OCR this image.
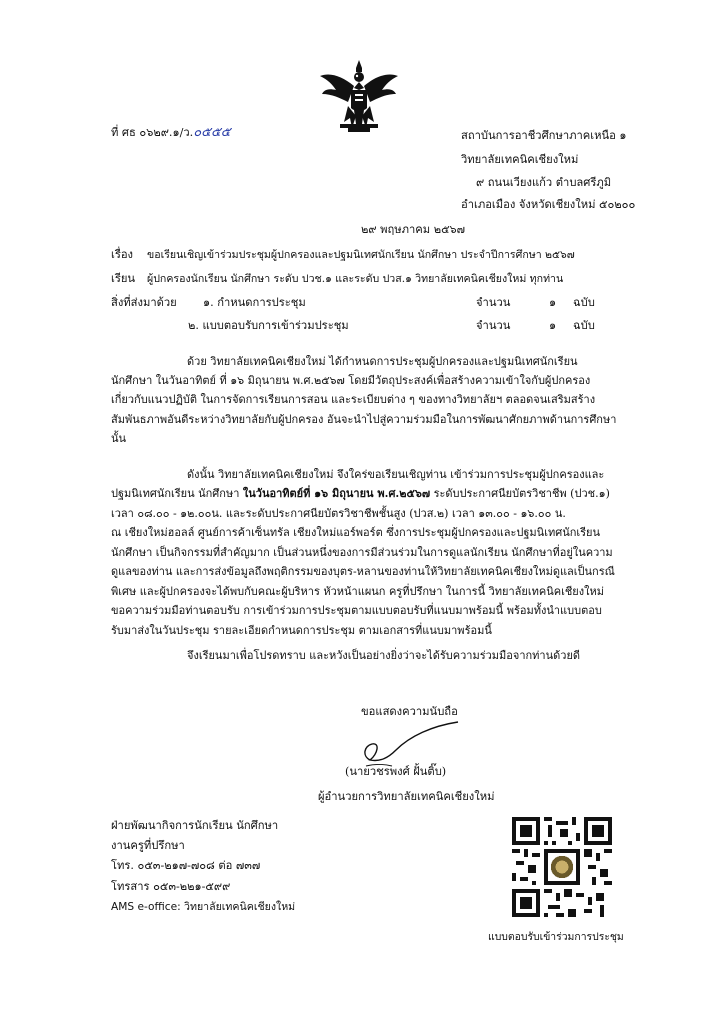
ที่ ศธ ๐๖๒๙.๑/ว.๐๕๕๕	สถาบันการอาชีวศึกษาภาคเหนือ ๑
วิทยาลัยเทคนิคเชียงใหม่
๙ ถนนเวียงแก้ว ตำบลศรีภูมิ
อำเภอเมือง จังหวัดเชียงใหม่ ๕๐๒๐๐
๒๙ พฤษภาคม ๒๕๖๗
เรื่อง ขอเรียนเชิญเข้าร่วมประชุมผู้ปกครองและปฐมนิเทศนักเรียน นักศึกษา ประจำปีการศึกษา ๒๕๖๗
เรียน ผู้ปกครองนักเรียน นักศึกษา ระดับ ปวช.๑ และระดับ ปวส.๑ วิทยาลัยเทคนิคเชียงใหม่ ทุกท่าน
สิ่งที่ส่งมาด้วย ๑. กำหนดการประชุม	จำนวน	๑ ฉบับ
๒. แบบตอบรับการเข้าร่วมประชุม	จำนวน	๑ ฉบับ
ด้วย วิทยาลัยเทคนิคเชียงใหม่ ได้กำหนดการประชุมผู้ปกครองและปฐมนิเทศนักเรียน
นักศึกษา ในวันอาทิตย์ ที่ ๑๖ มิถุนายน พ.ศ.๒๕๖๗ โดยมีวัตถุประสงค์เพื่อสร้างความเข้าใจกับผู้ปกครอง
เกี่ยวกับแนวปฏิบัติ ในการจัดการเรียนการสอน และระเบียบต่าง ๆ ของทางวิทยาลัยฯ ตลอดจนเสริมสร้าง
สัมพันธภาพอันดีระหว่างวิทยาลัยกับผู้ปกครอง อันจะนำไปสู่ความร่วมมือในการพัฒนาศักยภาพด้านการศึกษา
นั้น
ดังนั้น วิทยาลัยเทคนิคเชียงใหม่ จึงใคร่ขอเรียนเชิญท่าน เข้าร่วมการประชุมผู้ปกครองและ
ปฐมนิเทศนักเรียน นักศึกษา ในวันอาทิตย์ที่ ๑๖ มิถุนายน พ.ศ.๒๕๖๗ ระดับประกาศนียบัตรวิชาชีพ (ปวช.๑)
เวลา ๐๘.๐๐ - ๑๒.๐๐น. และระดับประกาศนียบัตรวิชาชีพชั้นสูง (ปวส.๒) เวลา ๑๓.๐๐ - ๑๖.๐๐ น.
ณ เชียงใหม่ฮอลล์ ศูนย์การค้าเซ็นทรัล เชียงใหม่แอร์พอร์ต ซึ่งการประชุมผู้ปกครองและปฐมนิเทศนักเรียน
นักศึกษา เป็นกิจกรรมที่สำคัญมาก เป็นส่วนหนึ่งของการมีส่วนร่วมในการดูแลนักเรียน นักศึกษาที่อยู่ในความ
ดูแลของท่าน และการส่งข้อมูลถึงพฤติกรรมของบุตร-หลานของท่านให้วิทยาลัยเทคนิคเชียงใหม่ดูแลเป็นกรณี
พิเศษ และผู้ปกครองจะได้พบกับคณะผู้บริหาร หัวหน้าแผนก ครูที่ปรึกษา ในการนี้ วิทยาลัยเทคนิคเชียงใหม่
ขอความร่วมมือท่านตอบรับ การเข้าร่วมการประชุมตามแบบตอบรับที่แนบมาพร้อมนี้ พร้อมทั้งนำแบบตอบ
รับมาส่งในวันประชุม รายละเอียดกำหนดการประชุม ตามเอกสารที่แนบมาพร้อมนี้
จึงเรียนมาเพื่อโปรดทราบ และหวังเป็นอย่างยิ่งว่าจะได้รับความร่วมมือจากท่านด้วยดี
ขอแสดงความนับถือ
(นายวชรพงศ์ ฝั้นติ๊บ)
ผู้อำนวยการวิทยาลัยเทคนิคเชียงใหม่
ฝ่ายพัฒนากิจการนักเรียน นักศึกษา
งานครูที่ปรึกษา
โทร. ๐๕๓-๒๑๗-๗๐๘ ต่อ ๗๓๗
โทรสาร ๐๕๓-๒๒๑-๕๙๙
AMS e-office: วิทยาลัยเทคนิคเชียงใหม่
แบบตอบรับเข้าร่วมการประชุม
